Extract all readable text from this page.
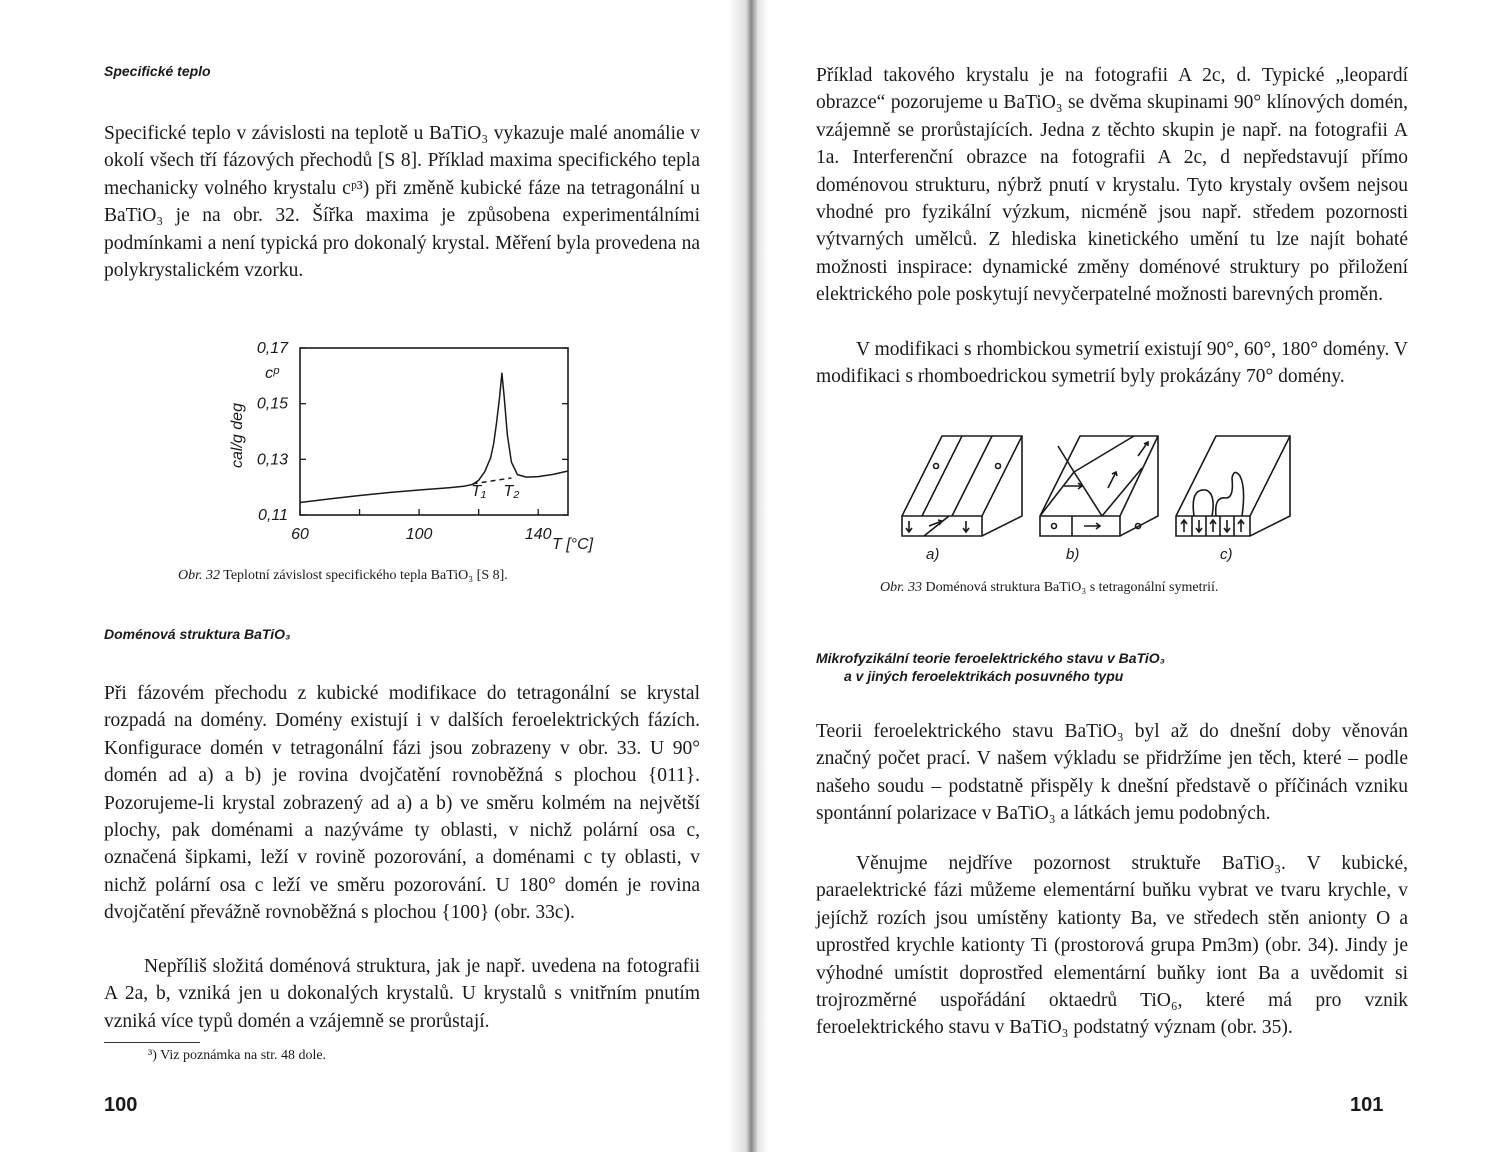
Specifické teplo
Specifické teplo v závislosti na teplotě u BaTiO₃ vykazuje malé anomálie v okolí všech tří fázových přechodů [S 8]. Příklad maxima specifického tepla mechanicky volného krystalu cᵖ³) při změně kubické fáze na tetragonální u BaTiO₃ je na obr. 32. Šířka maxima je způsobena experimentálními podmínkami a není typická pro dokonalý krystal. Měření byla provedena na polykrystalickém vzorku.
60	100	140
0,11
0,13
0,15
0,17
cal/g deg
cᵖ
T [°C]
T₁ T₂
Obr. 32 Teplotní závislost specifického tepla BaTiO₃ [S 8].
Doménová struktura BaTiO₃
Při fázovém přechodu z kubické modifikace do tetragonální se krystal rozpadá na domény. Domény existují i v dalších feroelektrických fázích. Konfigurace domén v tetragonální fázi jsou zobrazeny v obr. 33. U 90° domén ad a) a b) je rovina dvojčatění rovnoběžná s plochou {011}. Pozorujeme-li krystal zobrazený ad a) a b) ve směru kolmém na největší plochy, pak doménami a nazýváme ty oblasti, v nichž polární osa c, označená šipkami, leží v rovině pozorování, a doménami c ty oblasti, v nichž polární osa c leží ve směru pozorování. U 180° domén je rovina dvojčatění převážně rovnoběžná s plochou {100} (obr. 33c).
Nepříliš složitá doménová struktura, jak je např. uvedena na fotografii A 2a, b, vzniká jen u dokonalých krystalů. U krystalů s vnitřním pnutím vzniká více typů domén a vzájemně se prorůstají.
³) Viz poznámka na str. 48 dole.
100
Příklad takového krystalu je na fotografii A 2c, d. Typické „leopardí obrazce“ pozorujeme u BaTiO₃ se dvěma skupinami 90° klínových domén, vzájemně se prorůstajících. Jedna z těchto skupin je např. na fotografii A 1a. Interferenční obrazce na fotografii A 2c, d nepředstavují přímo doménovou strukturu, nýbrž pnutí v krystalu. Tyto krystaly ovšem nejsou vhodné pro fyzikální výzkum, nicméně jsou např. středem pozornosti výtvarných umělců. Z hlediska kinetického umění tu lze najít bohaté možnosti inspirace: dynamické změny doménové struktury po přiložení elektrického pole poskytují nevyčerpatelné možnosti barevných proměn.
V modifikaci s rhombickou symetrií existují 90°, 60°, 180° domény. V modifikaci s rhomboedrickou symetrií byly prokázány 70° domény.
a)	b)	c)
Obr. 33 Doménová struktura BaTiO₃ s tetragonální symetrií.
Mikrofyzikální teorie feroelektrického stavu v BaTiO₃
a v jiných feroelektrikách posuvného typu
Teorii feroelektrického stavu BaTiO₃ byl až do dnešní doby věnován značný počet prací. V našem výkladu se přidržíme jen těch, které – podle našeho soudu – podstatně přispěly k dnešní představě o příčinách vzniku spontánní polarizace v BaTiO₃ a látkách jemu podobných.
Věnujme nejdříve pozornost struktuře BaTiO₃. V kubické, paraelektrické fázi můžeme elementární buňku vybrat ve tvaru krychle, v jejíchž rozích jsou umístěny kationty Ba, ve středech stěn anionty O a uprostřed krychle kationty Ti (prostorová grupa Pm3m) (obr. 34). Jindy je výhodné umístit doprostřed elementární buňky iont Ba a uvědomit si trojrozměrné uspořádání oktaedrů TiO₆, které má pro vznik feroelektrického stavu v BaTiO₃ podstatný význam (obr. 35).
101
